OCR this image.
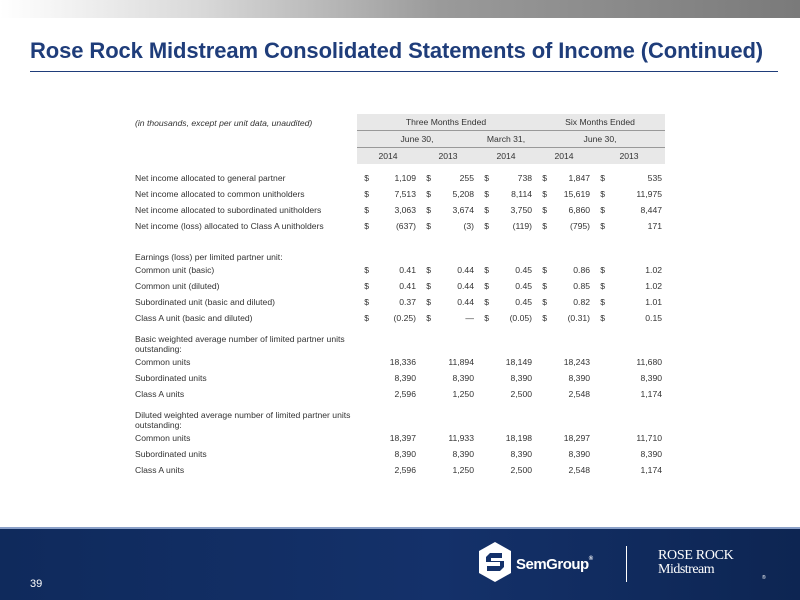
Rose Rock Midstream Consolidated Statements of Income (Continued)
(in thousands, except per unit data, unaudited)	Three Months Ended						Six Months Ended			
	June 30,				March 31,		June 30,			
	2014		2013		2014		2014		2013	

Net income allocated to general partner	$	1,109	$	255	$	738	$	1,847	$	535
Net income allocated to common unitholders	$	7,513	$	5,208	$	8,114	$	15,619	$	11,975
Net income allocated to subordinated unitholders	$	3,063	$	3,674	$	3,750	$	6,860	$	8,447
Net income (loss) allocated to Class A unitholders	$	(637)	$	(3)	$	(119)	$	(795)	$	171

Earnings (loss) per limited partner unit:										
Common unit (basic)	$	0.41	$	0.44	$	0.45	$	0.86	$	1.02
Common unit (diluted)	$	0.41	$	0.44	$	0.45	$	0.85	$	1.02
Subordinated unit (basic and diluted)	$	0.37	$	0.44	$	0.45	$	0.82	$	1.01
Class A unit (basic and diluted)	$	(0.25)	$	—	$	(0.05)	$	(0.31)	$	0.15

Basic weighted average number of limited partner units outstanding:										
Common units		18,336		11,894		18,149		18,243		11,680
Subordinated units		8,390		8,390		8,390		8,390		8,390
Class A units		2,596		1,250		2,500		2,548		1,174

Diluted weighted average number of limited partner units outstanding:										
Common units		18,397		11,933		18,198		18,297		11,710
Subordinated units		8,390		8,390		8,390		8,390		8,390
Class A units		2,596		1,250		2,500		2,548		1,174
39
SemGroup®	ROSE ROCK
Midstream
®
